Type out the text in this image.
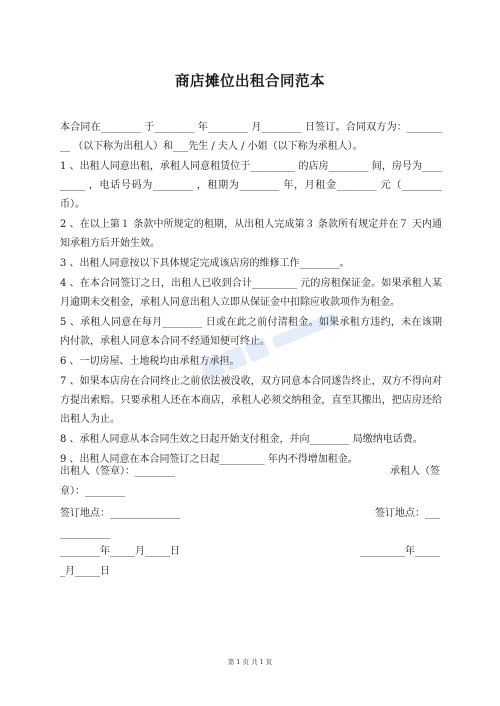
商店摊位出租合同范本

本合同在________ 于________ 年________ 月________ 日签订。合同双方为：_________ （以下称为出租人）和___先生 / 夫人 / 小姐（以下称为承租人）。

1 、出租人同意出租，承租人同意租赁位于_________ 的店房________ 间，房号为_________ ，电话号码为________ ，租期为________ 年，月租金________ 元（________ 币）。

2 、在以上第１ 条款中所规定的租期，从出租人完成第３ 条款所有规定并在７ 天内通知承租方后开始生效。

3 、出租人同意按以下具体规定完成该店房的维修工作________。

4 、在本合同签订之日，出租人已收到合计_________ 元的房租保证金。如果承租人某月逾期未交租金，承租人同意出租人立即从保证金中扣除应收款项作为租金。

5 、承租人同意在每月________ 日或在此之前付清租金。如果承租方违约，未在该期内付款，承租人同意本合同不经通知便可终止。

6 、一切房屋、土地税均由承租方承担。

7 、如果本店房在合同终止之前依法被没收，双方同意本合同遂告终止，双方不得向对方提出索赔。只要承租人还在本商店，承租人必须交纳租金，直至其搬出，把店房还给出租人为止。

8 、承租人同意从本合同生效之日起开始支付租金，并向________ 局缴纳电话费。

9 、出租人同意在本合同签订之日起_________ 年内不得增加租金。

出租人（签章）：________	承租人（签
章）：________
签订地点：______________	签订地点：___
__________
________年_____月_____日	_________年_____
_月_____日
第 1 页 共 1 页
